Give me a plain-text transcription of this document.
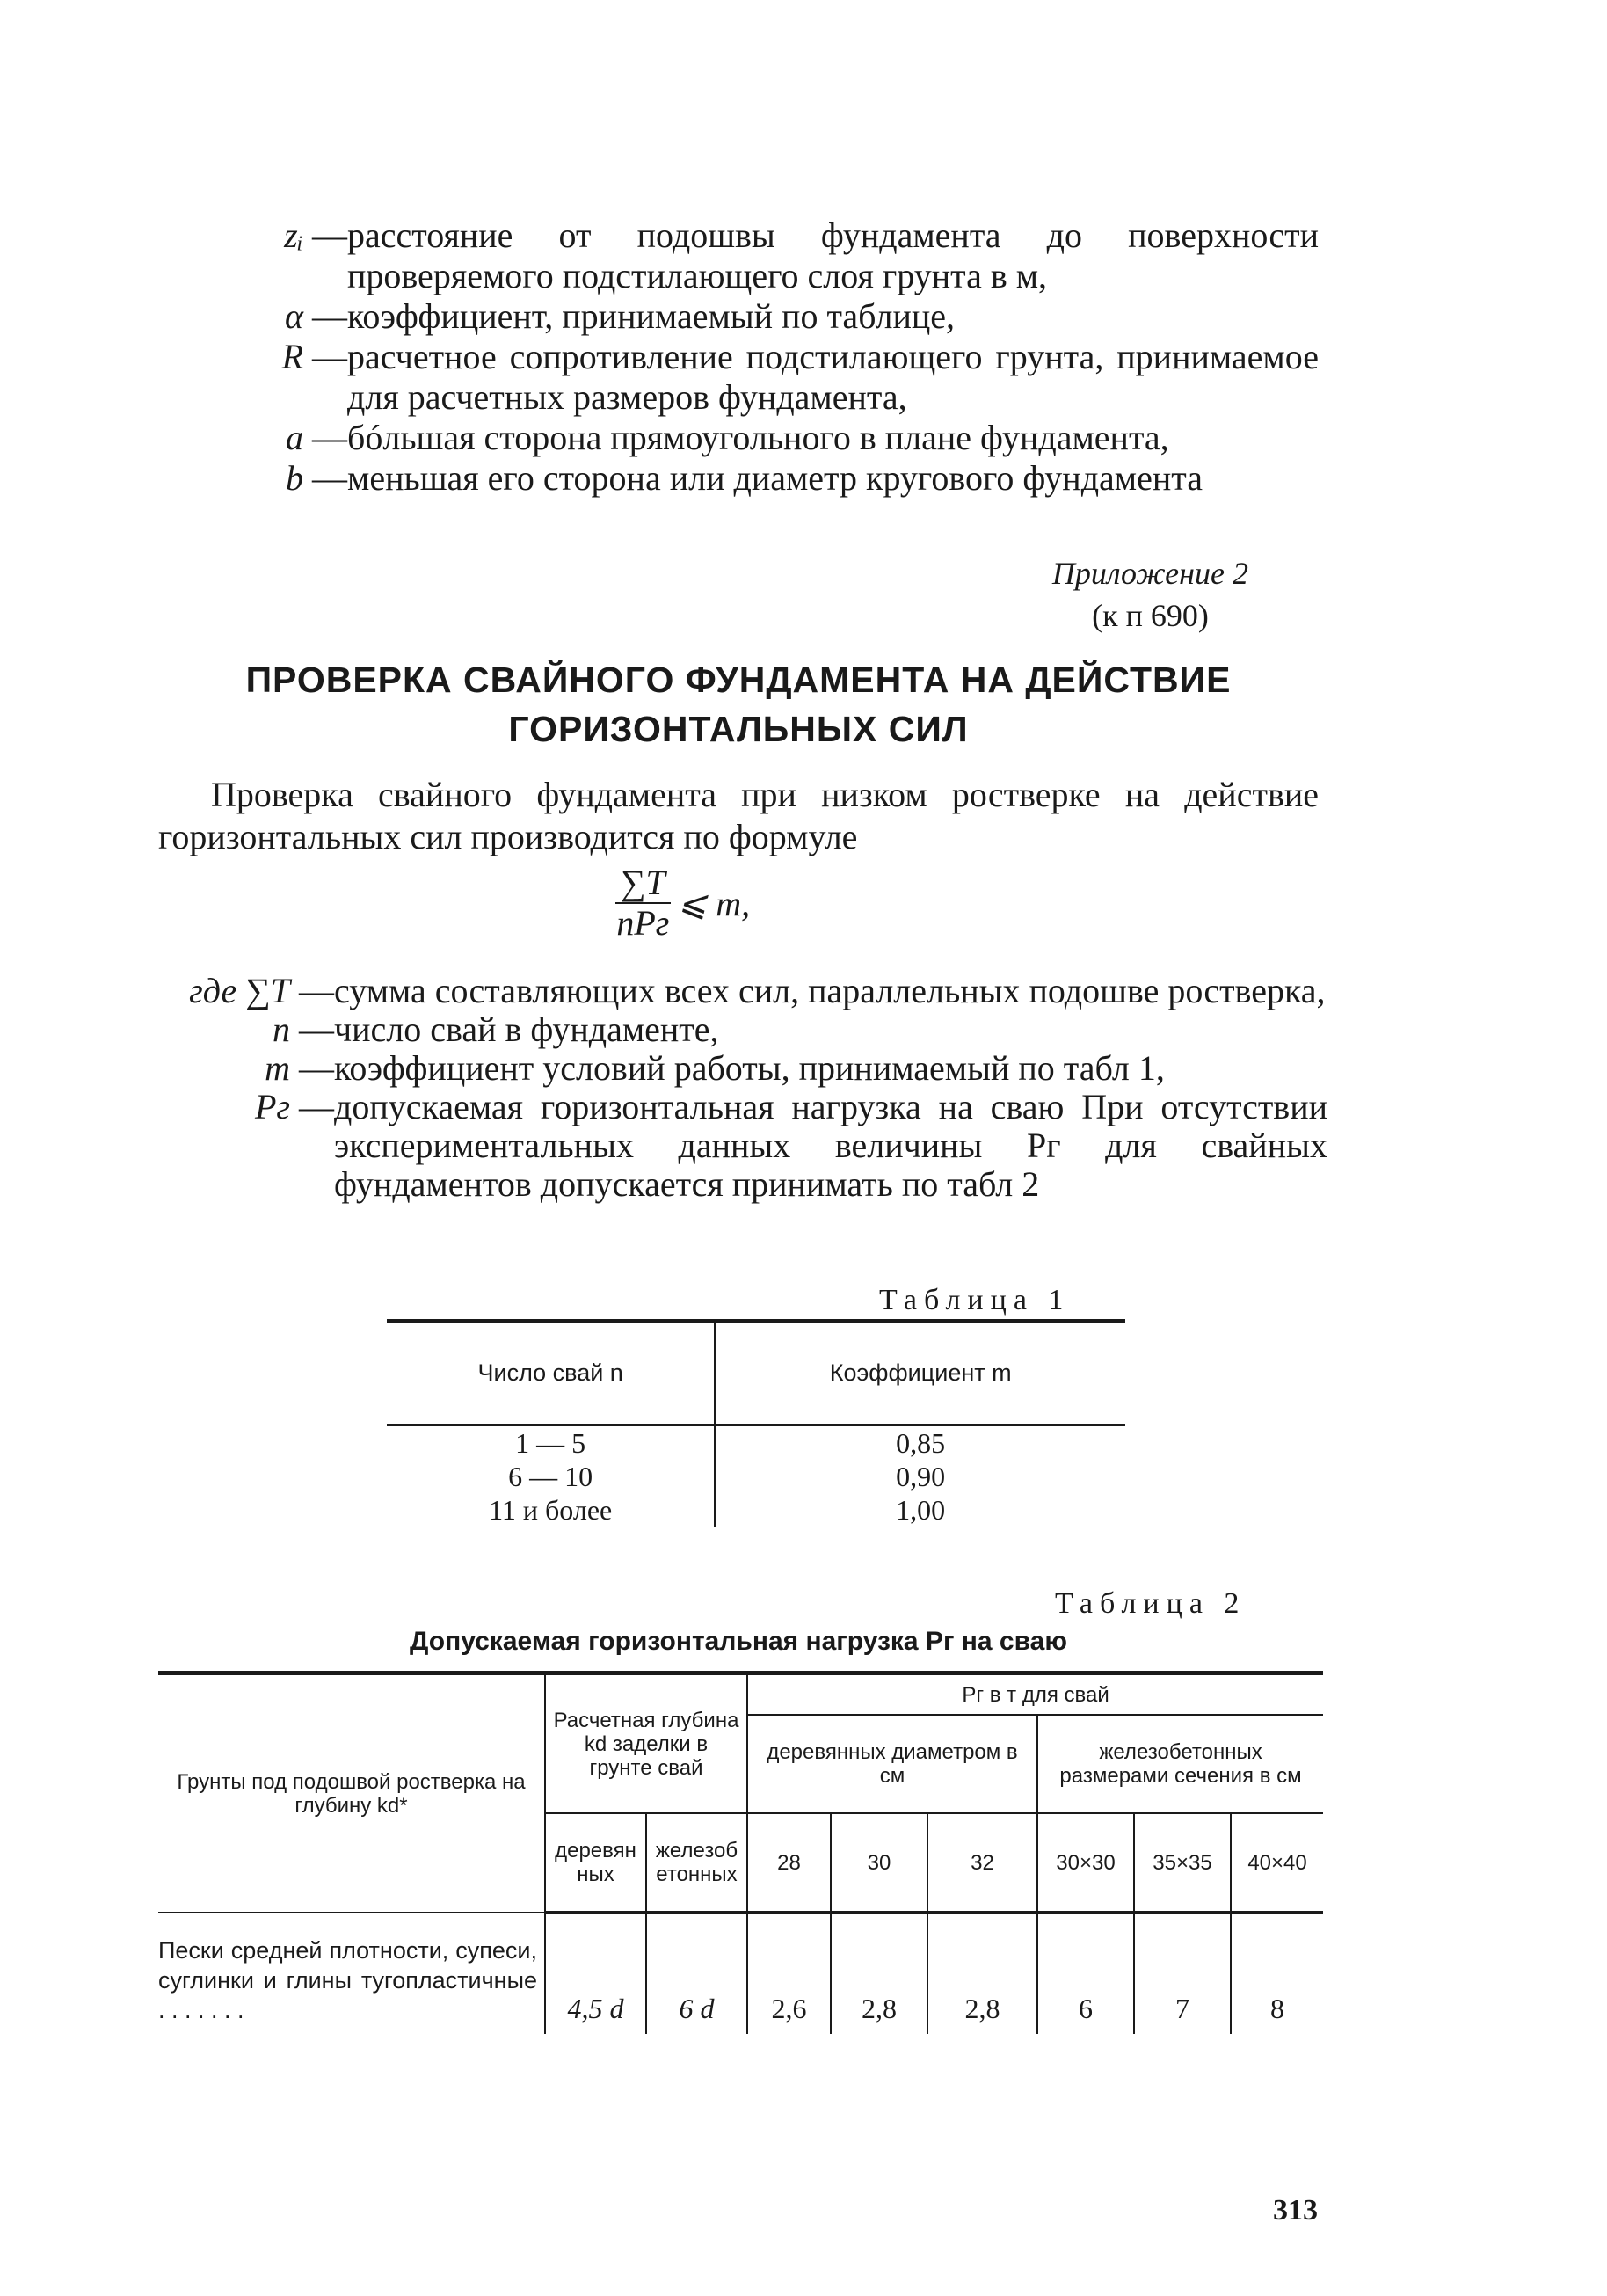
zᵢ — расстояние от подошвы фундамента до поверхности проверяемого подстилающего слоя грунта в м,
α — коэффициент, принимаемый по таблице,
R — расчетное сопротивление подстилающего грунта, принимаемое для расчетных размеров фундамента,
a — бóльшая сторона прямоугольного в плане фундамента,
b — меньшая его сторона или диаметр кругового фундамента
Приложение 2
(к п 690)
ПРОВЕРКА СВАЙНОГО ФУНДАМЕНТА НА ДЕЙСТВИЕ
ГОРИЗОНТАЛЬНЫХ СИЛ
Проверка свайного фундамента при низком ростверке на действие горизонтальных сил производится по формуле
$\frac{\sum T}{\text{nPг}}$ ⩽ m,
где ∑T — сумма составляющих всех сил, параллельных подошве ростверка,
n — число свай в фундаменте,
m — коэффициент условий работы, принимаемый по табл 1,
Pг — допускаемая горизонтальная нагрузка на сваю При отсутствии экспериментальных данных величины Pг для свайных фундаментов допускается принимать по табл 2
Таблица 1
Число свай n	Коэффициент m

1 — 5	0,85
6 — 10	0,90
11 и более	1,00
Таблица 2
Допускаемая горизонтальная нагрузка Pг на сваю
Грунты под подошвой ростверка на глубину kd*	Расчетная глубина kd заделки в грунте свай		Pг в т для свай					
			деревянных диаметром в см			железобетонных размерами сечения в см		
	деревянных	железобетонных	28	30	32	30×30	35×35	40×40
Пески средней плотности, супеси, суглинки и глины тугопластичные . . . . . . .	4,5 d	6 d	2,6	2,8	2,8	6	7	8
313
